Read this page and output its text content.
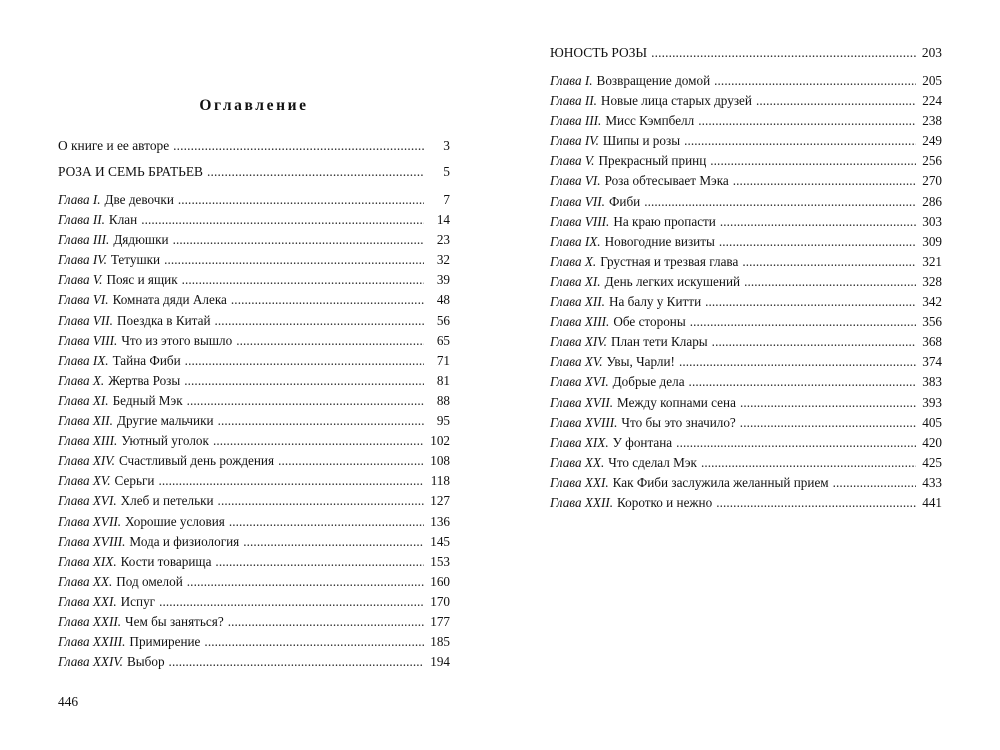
Оглавление
О книге и ее авторе . . .	3
РОЗА И СЕМЬ БРАТЬЕВ . . .	5
Глава I. Две девочки . . .	7
Глава II. Клан . . .	14
Глава III. Дядюшки . . .	23
Глава IV. Тетушки . . .	32
Глава V. Пояс и ящик . . .	39
Глава VI. Комната дяди Алека . . .	48
Глава VII. Поездка в Китай . . .	56
Глава VIII. Что из этого вышло . . .	65
Глава IX. Тайна Фиби . . .	71
Глава X. Жертва Розы . . .	81
Глава XI. Бедный Мэк . . .	88
Глава XII. Другие мальчики . . .	95
Глава XIII. Уютный уголок . . .	102
Глава XIV. Счастливый день рождения . . .	108
Глава XV. Серьги . . .	118
Глава XVI. Хлеб и петельки . . .	127
Глава XVII. Хорошие условия . . .	136
Глава XVIII. Мода и физиология . . .	145
Глава XIX. Кости товарища . . .	153
Глава XX. Под омелой . . .	160
Глава XXI. Испуг . . .	170
Глава XXII. Чем бы заняться? . . .	177
Глава XXIII. Примирение . . .	185
Глава XXIV. Выбор . . .	194
446
ЮНОСТЬ РОЗЫ . . .	203
Глава I. Возвращение домой . . .	205
Глава II. Новые лица старых друзей . . .	224
Глава III. Мисс Кэмпбелл . . .	238
Глава IV. Шипы и розы . . .	249
Глава V. Прекрасный принц . . .	256
Глава VI. Роза обтесывает Мэка . . .	270
Глава VII. Фиби . . .	286
Глава VIII. На краю пропасти . . .	303
Глава IX. Новогодние визиты . . .	309
Глава X. Грустная и трезвая глава . . .	321
Глава XI. День легких искушений . . .	328
Глава XII. На балу у Китти . . .	342
Глава XIII. Обе стороны . . .	356
Глава XIV. План тети Клары . . .	368
Глава XV. Увы, Чарли! . . .	374
Глава XVI. Добрые дела . . .	383
Глава XVII. Между копнами сена . . .	393
Глава XVIII. Что бы это значило? . . .	405
Глава XIX. У фонтана . . .	420
Глава XX. Что сделал Мэк . . .	425
Глава XXI. Как Фиби заслужила желанный прием . . .	433
Глава XXII. Коротко и нежно . . .	441
